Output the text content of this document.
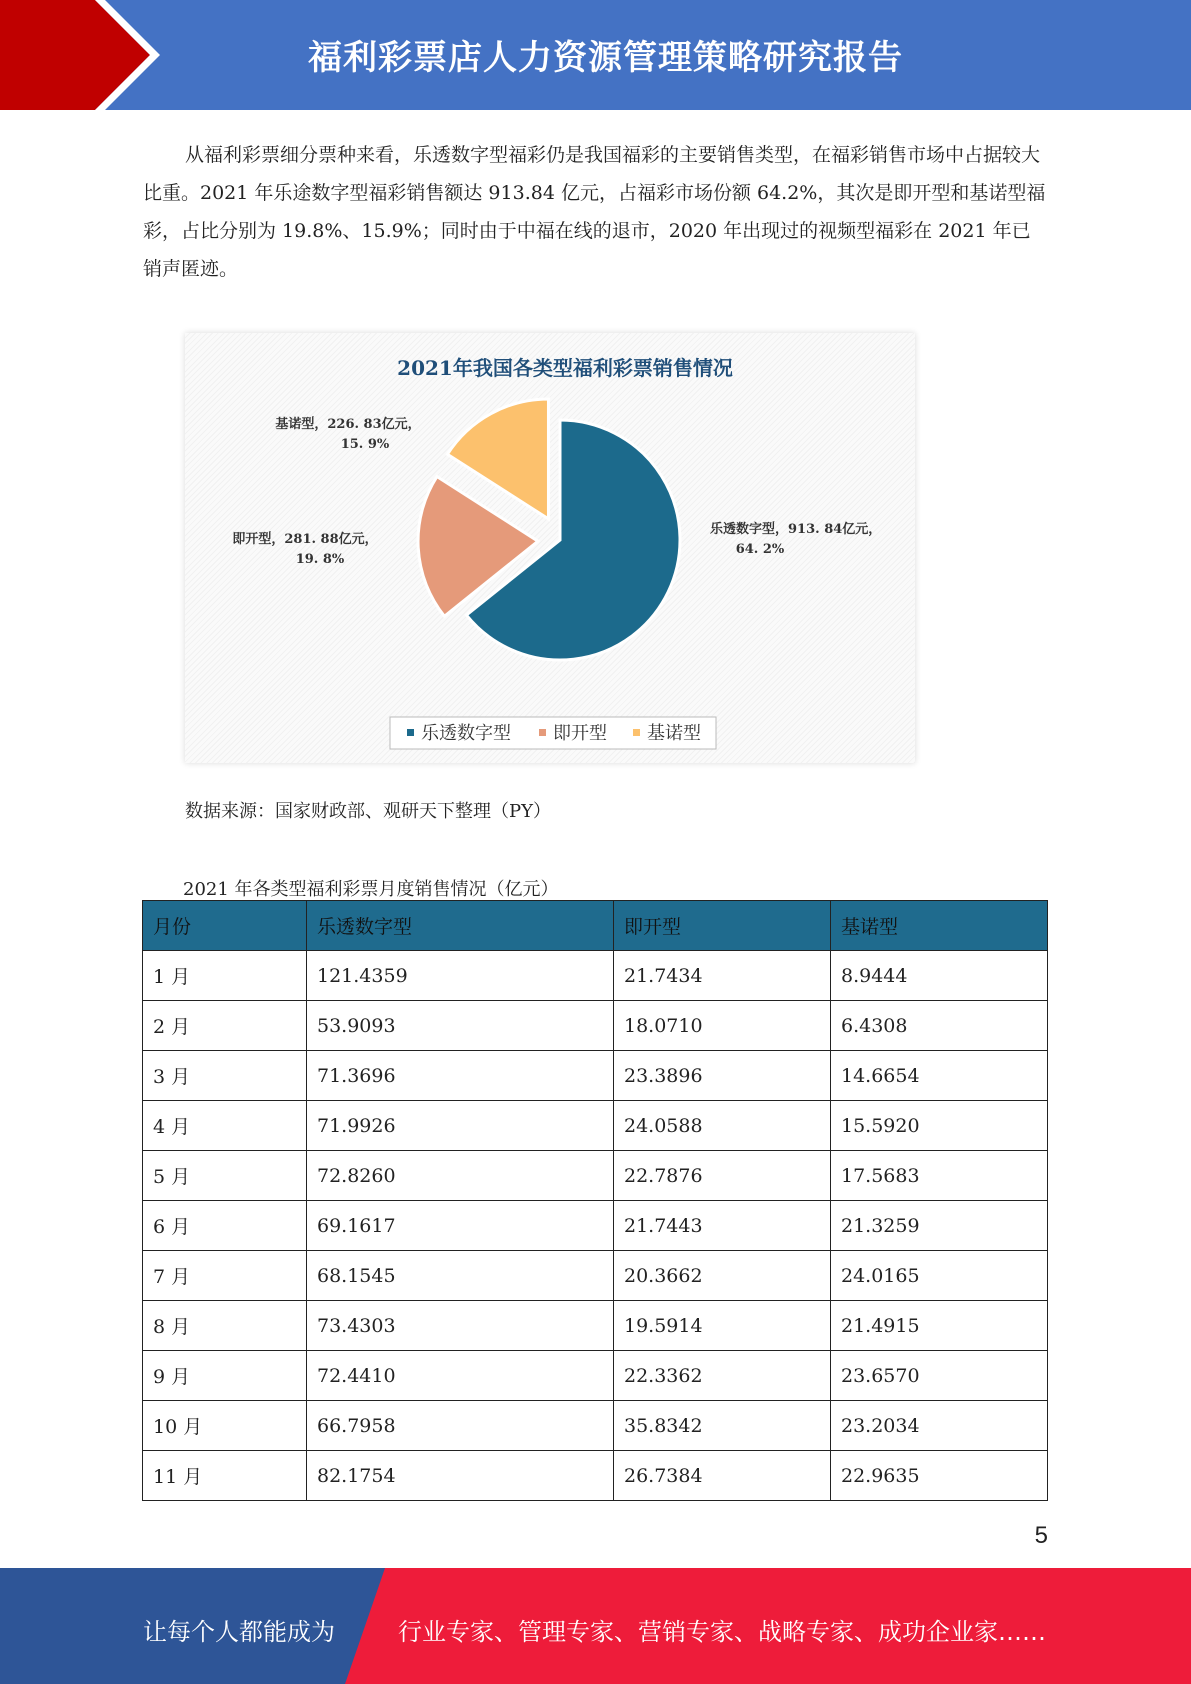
福利彩票店人力资源管理策略研究报告

从福利彩票细分票种来看，乐透数字型福彩仍是我国福彩的主要销售类型，在福彩销售市场中占据较大比重。2021 年乐途数字型福彩销售额达 913.84 亿元，占福彩市场份额 64.2%，其次是即开型和基诺型福彩，占比分别为 19.8%、15.9%；同时由于中福在线的退市，2020 年出现过的视频型福彩在 2021 年已销声匿迹。

2021年我国各类型福利彩票销售情况
乐透数字型，913. 84亿元，
64. 2%
即开型，281. 88亿元，
19. 8%
基诺型，226. 83亿元，
15. 9%
乐透数字型 即开型 基诺型
数据来源：国家财政部、观研天下整理（PY）
2021 年各类型福利彩票月度销售情况（亿元）
月份	乐透数字型	即开型	基诺型
1 月	121.4359	21.7434	8.9444
2 月	53.9093	18.0710	6.4308
3 月	71.3696	23.3896	14.6654
4 月	71.9926	24.0588	15.5920
5 月	72.8260	22.7876	17.5683
6 月	69.1617	21.7443	21.3259
7 月	68.1545	20.3662	24.0165
8 月	73.4303	19.5914	21.4915
9 月	72.4410	22.3362	23.6570
10 月	66.7958	35.8342	23.2034
11 月	82.1754	26.7384	22.9635
5
让每个人都能成为	行业专家、管理专家、营销专家、战略专家、成功企业家……
